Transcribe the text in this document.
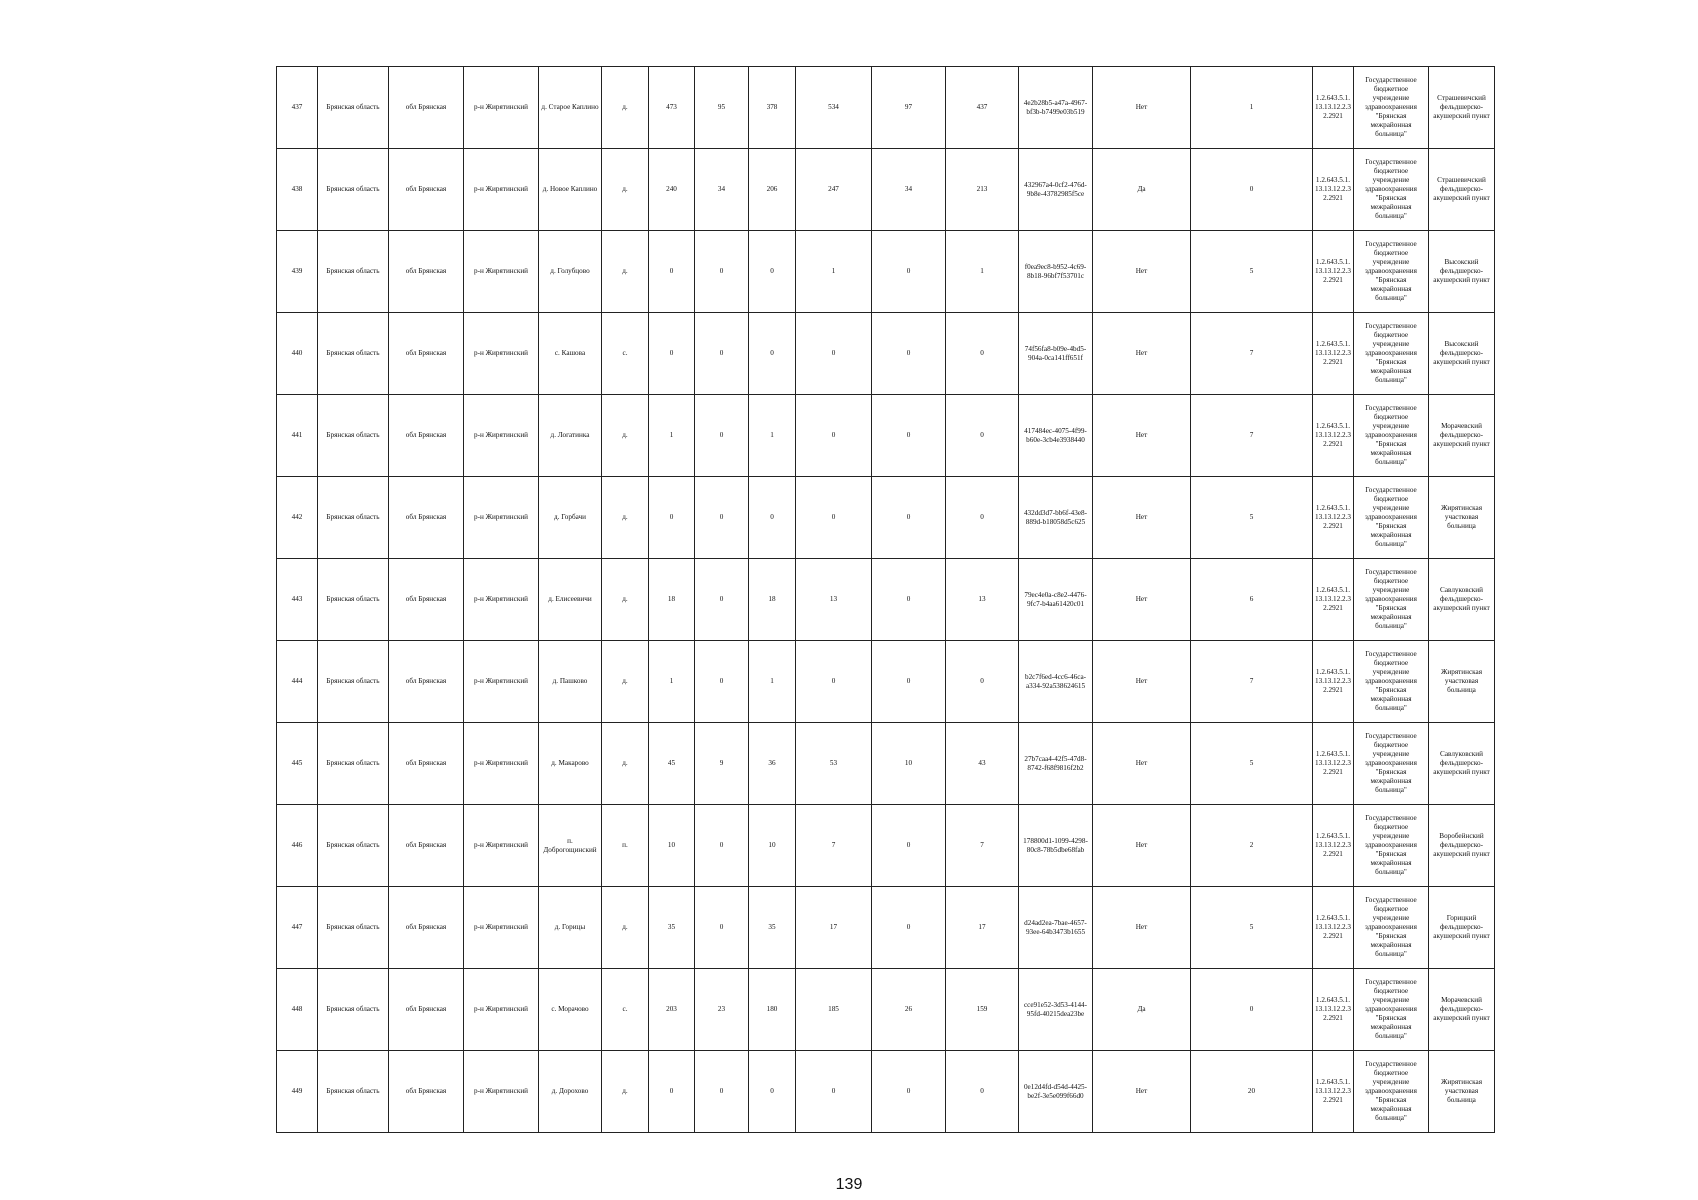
437	Брянская область	обл Брянская	р-н Жирятинский	д. Старое Каплино	д.	473	95	378	534	97	437	4e2b28b5-a47a-4967-bf3b-b7499e03b519	Нет	1	1.2.643.5.1.13.13.12.2.32.2921	Государственное бюджетное учреждение здравоохранения "Брянская межрайонная больница"	Страшевичский фельдшерско-акушерский пункт
438	Брянская область	обл Брянская	р-н Жирятинский	д. Новое Каплино	д.	240	34	206	247	34	213	432967a4-0cf2-476d-9b8e-43782985f5ce	Да	0	1.2.643.5.1.13.13.12.2.32.2921	Государственное бюджетное учреждение здравоохранения "Брянская межрайонная больница"	Страшевичский фельдшерско-акушерский пункт
439	Брянская область	обл Брянская	р-н Жирятинский	д. Голубцово	д.	0	0	0	1	0	1	f0ea9ec8-b952-4c69-8b18-96bf7f53701c	Нет	5	1.2.643.5.1.13.13.12.2.32.2921	Государственное бюджетное учреждение здравоохранения "Брянская межрайонная больница"	Высокский фельдшерско-акушерский пункт
440	Брянская область	обл Брянская	р-н Жирятинский	с. Кашова	с.	0	0	0	0	0	0	74f56fa8-b09e-4bd5-904a-0ca141ff651f	Нет	7	1.2.643.5.1.13.13.12.2.32.2921	Государственное бюджетное учреждение здравоохранения "Брянская межрайонная больница"	Высокский фельдшерско-акушерский пункт
441	Брянская область	обл Брянская	р-н Жирятинский	д. Логатинка	д.	1	0	1	0	0	0	417484ec-4075-4f99-b60e-3cb4e3938440	Нет	7	1.2.643.5.1.13.13.12.2.32.2921	Государственное бюджетное учреждение здравоохранения "Брянская межрайонная больница"	Морачевский фельдшерско-акушерский пункт
442	Брянская область	обл Брянская	р-н Жирятинский	д. Горбачи	д.	0	0	0	0	0	0	432dd3d7-bb6f-43e8-889d-b18058d5c625	Нет	5	1.2.643.5.1.13.13.12.2.32.2921	Государственное бюджетное учреждение здравоохранения "Брянская межрайонная больница"	Жирятинская участковая больница
443	Брянская область	обл Брянская	р-н Жирятинский	д. Елисеевичи	д.	18	0	18	13	0	13	79ec4e0a-c8e2-4476-9fc7-b4aa61420c01	Нет	6	1.2.643.5.1.13.13.12.2.32.2921	Государственное бюджетное учреждение здравоохранения "Брянская межрайонная больница"	Савлуковский фельдшерско-акушерский пункт
444	Брянская область	обл Брянская	р-н Жирятинский	д. Пашково	д.	1	0	1	0	0	0	b2c7f6ed-4cc6-46ca-a334-92a538624615	Нет	7	1.2.643.5.1.13.13.12.2.32.2921	Государственное бюджетное учреждение здравоохранения "Брянская межрайонная больница"	Жирятинская участковая больница
445	Брянская область	обл Брянская	р-н Жирятинский	д. Макарово	д.	45	9	36	53	10	43	27b7caa4-42f5-47d8-8742-f68f9816f2b2	Нет	5	1.2.643.5.1.13.13.12.2.32.2921	Государственное бюджетное учреждение здравоохранения "Брянская межрайонная больница"	Савлуковский фельдшерско-акушерский пункт
446	Брянская область	обл Брянская	р-н Жирятинский	п. Доброгощинский	п.	10	0	10	7	0	7	178800d1-1099-4298-80c8-78b5dbe68fab	Нет	2	1.2.643.5.1.13.13.12.2.32.2921	Государственное бюджетное учреждение здравоохранения "Брянская межрайонная больница"	Воробейнский фельдшерско-акушерский пункт
447	Брянская область	обл Брянская	р-н Жирятинский	д. Горицы	д.	35	0	35	17	0	17	d24ad2ea-7bae-4657-93ee-64b3473b1655	Нет	5	1.2.643.5.1.13.13.12.2.32.2921	Государственное бюджетное учреждение здравоохранения "Брянская межрайонная больница"	Горицкий фельдшерско-акушерский пункт
448	Брянская область	обл Брянская	р-н Жирятинский	с. Морачово	с.	203	23	180	185	26	159	cce91e52-3d53-4144-95fd-40215dea23be	Да	0	1.2.643.5.1.13.13.12.2.32.2921	Государственное бюджетное учреждение здравоохранения "Брянская межрайонная больница"	Морачевский фельдшерско-акушерский пункт
449	Брянская область	обл Брянская	р-н Жирятинский	д. Дорохово	д.	0	0	0	0	0	0	0e12d4fd-d54d-4425-be2f-3e5e099f66d0	Нет	20	1.2.643.5.1.13.13.12.2.32.2921	Государственное бюджетное учреждение здравоохранения "Брянская межрайонная больница"	Жирятинская участковая больница
139
